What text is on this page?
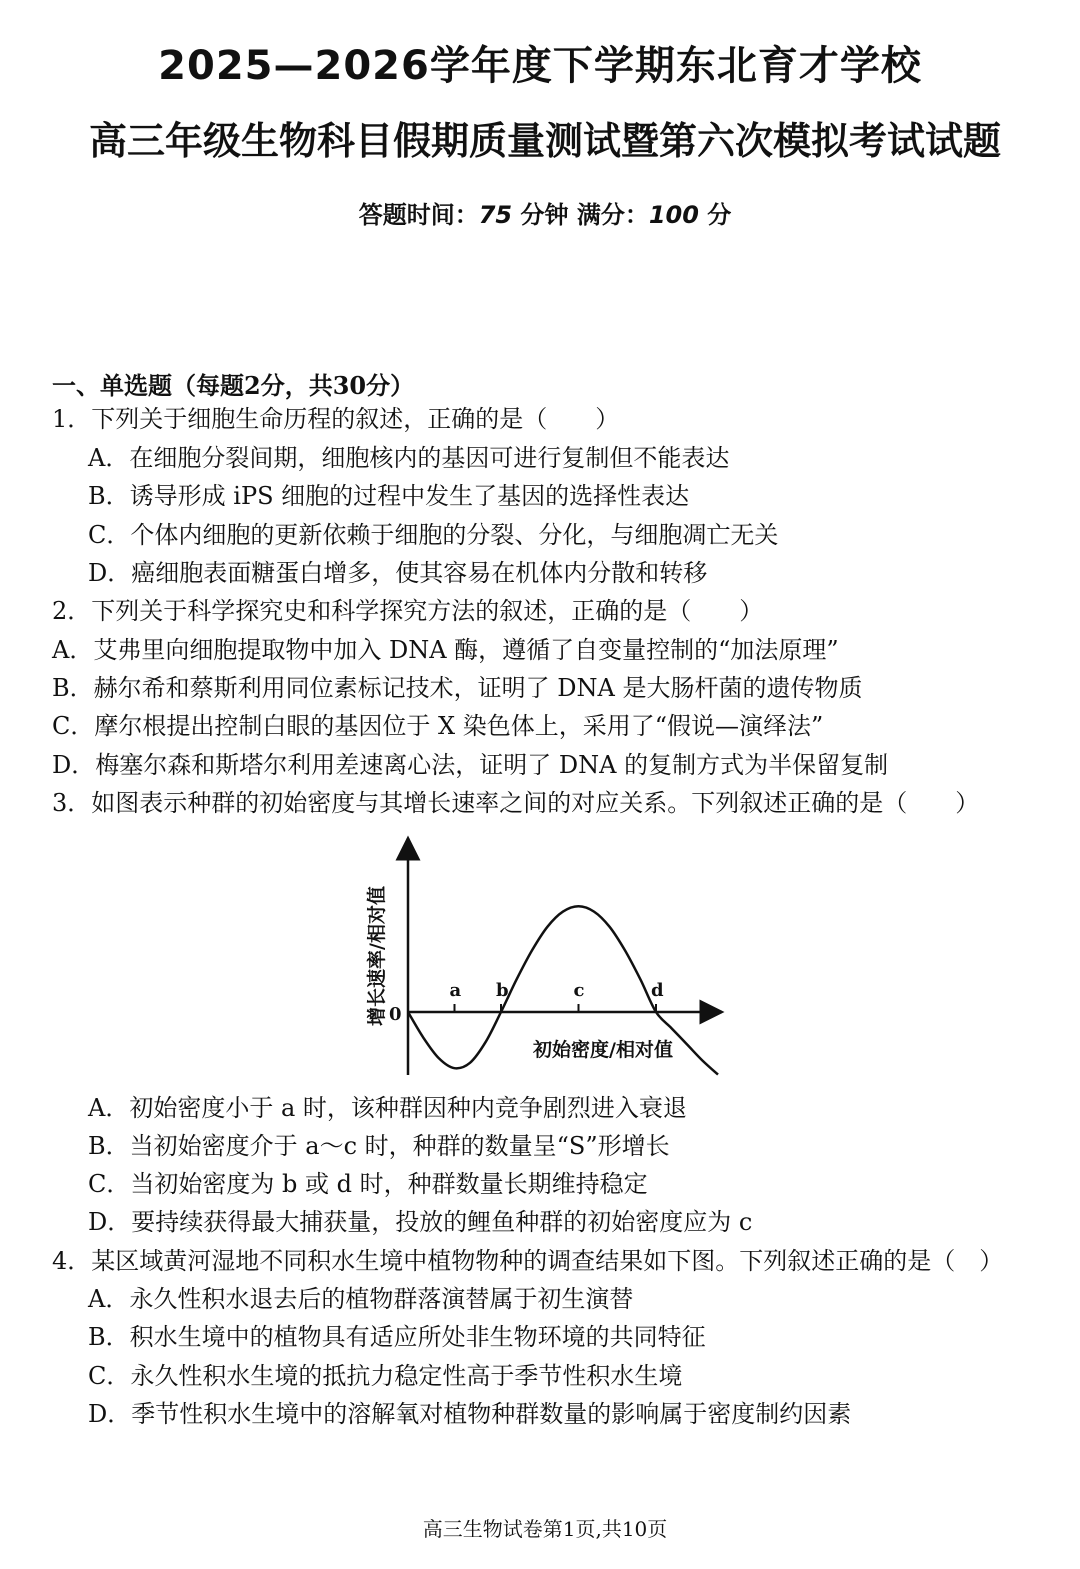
2025—2026学年度下学期东北育才学校
高三年级生物科目假期质量测试暨第六次模拟考试试题
答题时间：75 分钟 满分：100 分
一、单选题（每题2分，共30分）
1．下列关于细胞生命历程的叙述，正确的是（　　）
A．在细胞分裂间期，细胞核内的基因可进行复制但不能表达
B．诱导形成 iPS 细胞的过程中发生了基因的选择性表达
C．个体内细胞的更新依赖于细胞的分裂、分化，与细胞凋亡无关
D．癌细胞表面糖蛋白增多，使其容易在机体内分散和转移
2．下列关于科学探究史和科学探究方法的叙述，正确的是（　　）
A．艾弗里向细胞提取物中加入 DNA 酶，遵循了自变量控制的“加法原理”
B．赫尔希和蔡斯利用同位素标记技术，证明了 DNA 是大肠杆菌的遗传物质
C．摩尔根提出控制白眼的基因位于 X 染色体上，采用了“假说—演绎法”
D．梅塞尔森和斯塔尔利用差速离心法，证明了 DNA 的复制方式为半保留复制
3．如图表示种群的初始密度与其增长速率之间的对应关系。下列叙述正确的是（　　）
增长速率/相对值 0
初始密度/相对值
a b	c	d
A．初始密度小于 a 时，该种群因种内竞争剧烈进入衰退
B．当初始密度介于 a～c 时，种群的数量呈“S”形增长
C．当初始密度为 b 或 d 时，种群数量长期维持稳定
D．要持续获得最大捕获量，投放的鲤鱼种群的初始密度应为 c
4．某区域黄河湿地不同积水生境中植物物种的调查结果如下图。下列叙述正确的是（　）
A．永久性积水退去后的植物群落演替属于初生演替
B．积水生境中的植物具有适应所处非生物环境的共同特征
C．永久性积水生境的抵抗力稳定性高于季节性积水生境
D．季节性积水生境中的溶解氧对植物种群数量的影响属于密度制约因素
高三生物试卷第1页,共10页
